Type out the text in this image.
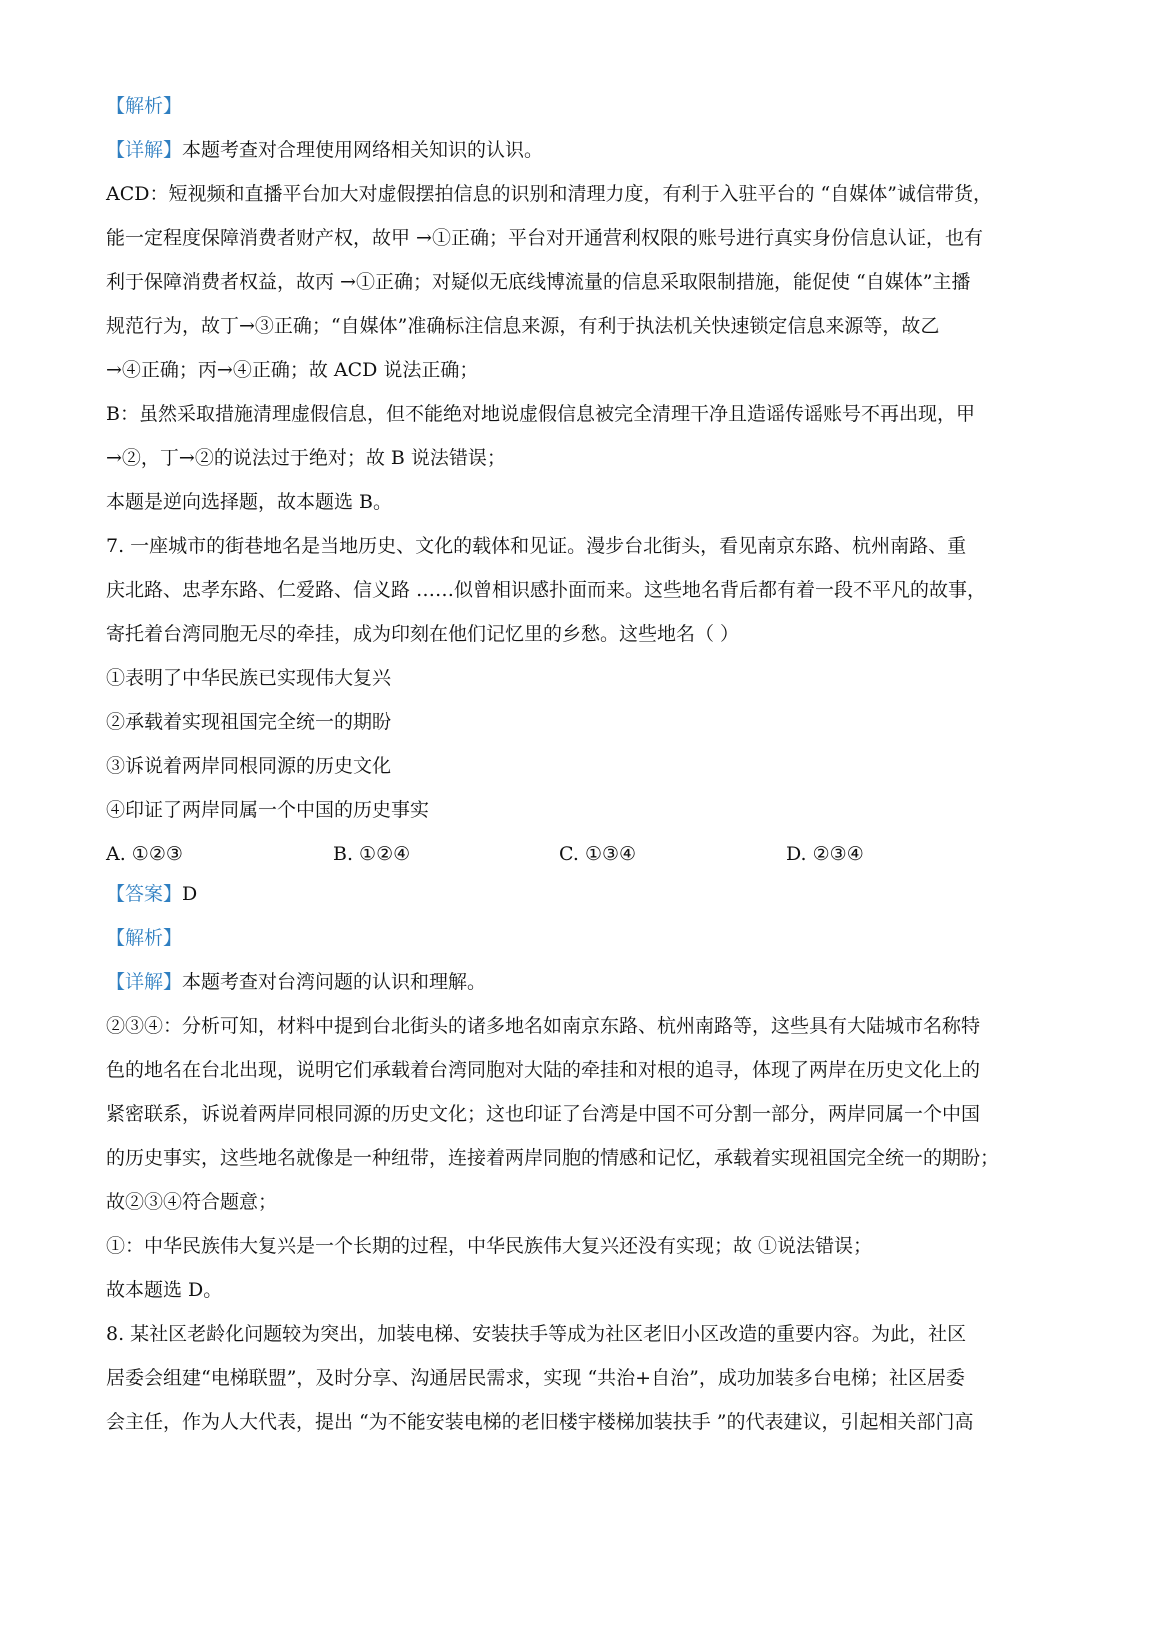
【解析】
【详解】本题考查对合理使用网络相关知识的认识。
ACD：短视频和直播平台加大对虚假摆拍信息的识别和清理力度，有利于入驻平台的 “自媒体”诚信带货，
能一定程度保障消费者财产权，故甲 →①正确；平台对开通营利权限的账号进行真实身份信息认证，也有
利于保障消费者权益，故丙 →①正确；对疑似无底线博流量的信息采取限制措施，能促使 “自媒体”主播
规范行为，故丁→③正确；“自媒体”准确标注信息来源，有利于执法机关快速锁定信息来源等，故乙
→④正确；丙→④正确；故 ACD 说法正确；
B：虽然采取措施清理虚假信息，但不能绝对地说虚假信息被完全清理干净且造谣传谣账号不再出现，甲
→②，丁→②的说法过于绝对；故 B 说法错误；
本题是逆向选择题，故本题选 B。
7. 一座城市的街巷地名是当地历史、文化的载体和见证。漫步台北街头，看见南京东路、杭州南路、重
庆北路、忠孝东路、仁爱路、信义路 ……似曾相识感扑面而来。这些地名背后都有着一段不平凡的故事，
寄托着台湾同胞无尽的牵挂，成为印刻在他们记忆里的乡愁。这些地名（ ）
①表明了中华民族已实现伟大复兴
②承载着实现祖国完全统一的期盼
③诉说着两岸同根同源的历史文化
④印证了两岸同属一个中国的历史事实
A. ①②③	B. ①②④	C. ①③④	D. ②③④
【答案】D
【解析】
【详解】本题考查对台湾问题的认识和理解。
②③④：分析可知，材料中提到台北街头的诸多地名如南京东路、杭州南路等，这些具有大陆城市名称特
色的地名在台北出现，说明它们承载着台湾同胞对大陆的牵挂和对根的追寻，体现了两岸在历史文化上的
紧密联系，诉说着两岸同根同源的历史文化；这也印证了台湾是中国不可分割一部分，两岸同属一个中国
的历史事实，这些地名就像是一种纽带，连接着两岸同胞的情感和记忆，承载着实现祖国完全统一的期盼；
故②③④符合题意；
①：中华民族伟大复兴是一个长期的过程，中华民族伟大复兴还没有实现；故 ①说法错误；
故本题选 D。
8. 某社区老龄化问题较为突出，加装电梯、安装扶手等成为社区老旧小区改造的重要内容。为此，社区
居委会组建“电梯联盟”，及时分享、沟通居民需求，实现 “共治+自治”，成功加装多台电梯；社区居委
会主任，作为人大代表，提出 “为不能安装电梯的老旧楼宇楼梯加装扶手 ”的代表建议，引起相关部门高
